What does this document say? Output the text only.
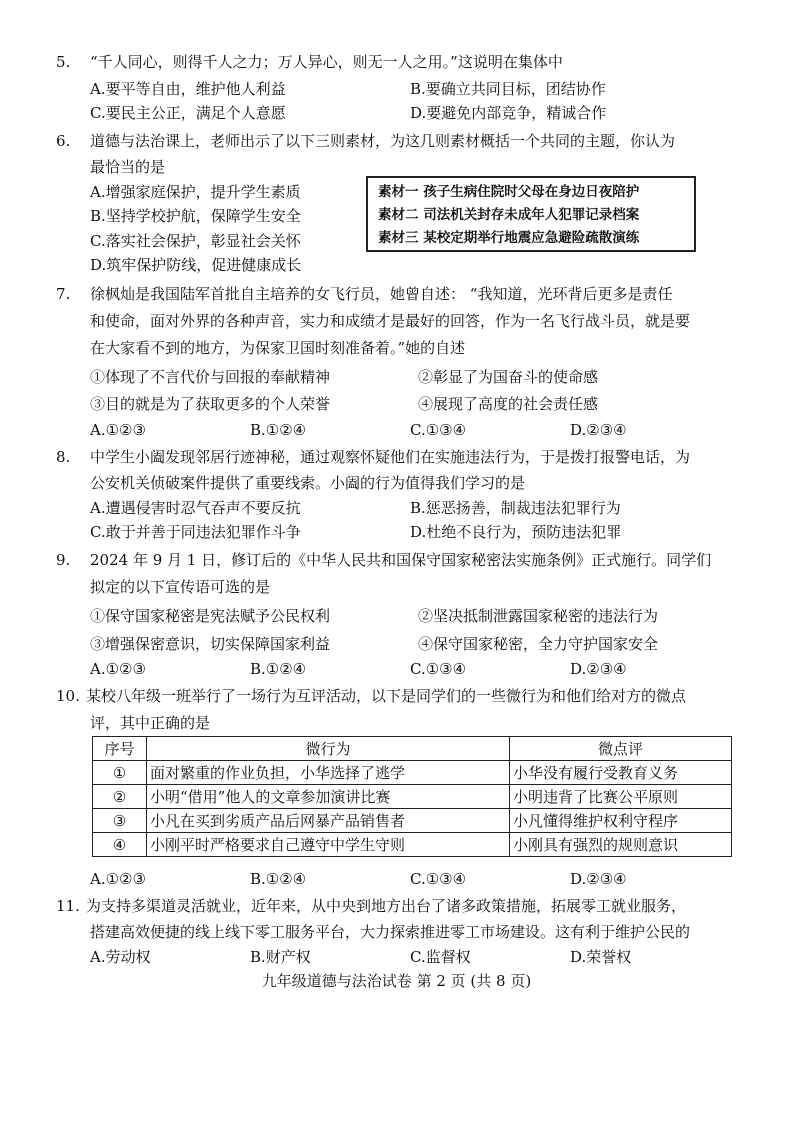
5. “千人同心，则得千人之力；万人异心，则无一人之用。”这说明在集体中
A.要平等自由，维护他人利益	B.要确立共同目标，团结协作
C.要民主公正，满足个人意愿	D.要避免内部竞争，精诚合作
6. 道德与法治课上，老师出示了以下三则素材，为这几则素材概括一个共同的主题，你认为
最恰当的是
A.增强家庭保护，提升学生素质
B.坚持学校护航，保障学生安全
C.落实社会保护，彰显社会关怀
D.筑牢保护防线，促进健康成长
素材一 孩子生病住院时父母在身边日夜陪护
素材二 司法机关封存未成年人犯罪记录档案
素材三 某校定期举行地震应急避险疏散演练
7. 徐枫灿是我国陆军首批自主培养的女飞行员，她曾自述： “我知道，光环背后更多是责任
和使命，面对外界的各种声音，实力和成绩才是最好的回答，作为一名飞行战斗员，就是要
在大家看不到的地方，为保家卫国时刻准备着。”她的自述
①体现了不言代价与回报的奉献精神	②彰显了为国奋斗的使命感
③目的就是为了获取更多的个人荣誉	④展现了高度的社会责任感
A.①②③	B.①②④	C.①③④	D.②③④
8. 中学生小阖发现邻居行迹神秘，通过观察怀疑他们在实施违法行为，于是拨打报警电话，为
公安机关侦破案件提供了重要线索。小阖的行为值得我们学习的是
A.遭遇侵害时忍气吞声不要反抗	B.惩恶扬善，制裁违法犯罪行为
C.敢于并善于同违法犯罪作斗争	D.杜绝不良行为，预防违法犯罪
9. 2024 年 9 月 1 日，修订后的《中华人民共和国保守国家秘密法实施条例》正式施行。同学们
拟定的以下宣传语可选的是
①保守国家秘密是宪法赋予公民权利	②坚决抵制泄露国家秘密的违法行为
③增强保密意识，切实保障国家利益	④保守国家秘密，全力守护国家安全
A.①②③	B.①②④	C.①③④	D.②③④
10. 某校八年级一班举行了一场行为互评活动，以下是同学们的一些微行为和他们给对方的微点
评，其中正确的是
序号	微行为	微点评
①	面对繁重的作业负担，小华选择了逃学	小华没有履行受教育义务
②	小明“借用”他人的文章参加演讲比赛	小明违背了比赛公平原则
③	小凡在买到劣质产品后网暴产品销售者	小凡懂得维护权利守程序
④	小刚平时严格要求自己遵守中学生守则	小刚具有强烈的规则意识
A.①②③	B.①②④	C.①③④	D.②③④
11. 为支持多渠道灵活就业，近年来，从中央到地方出台了诸多政策措施，拓展零工就业服务，
搭建高效便捷的线上线下零工服务平台，大力探索推进零工市场建设。这有利于维护公民的
A.劳动权	B.财产权	C.监督权	D.荣誉权
九年级道德与法治试卷 第 2 页 (共 8 页)
